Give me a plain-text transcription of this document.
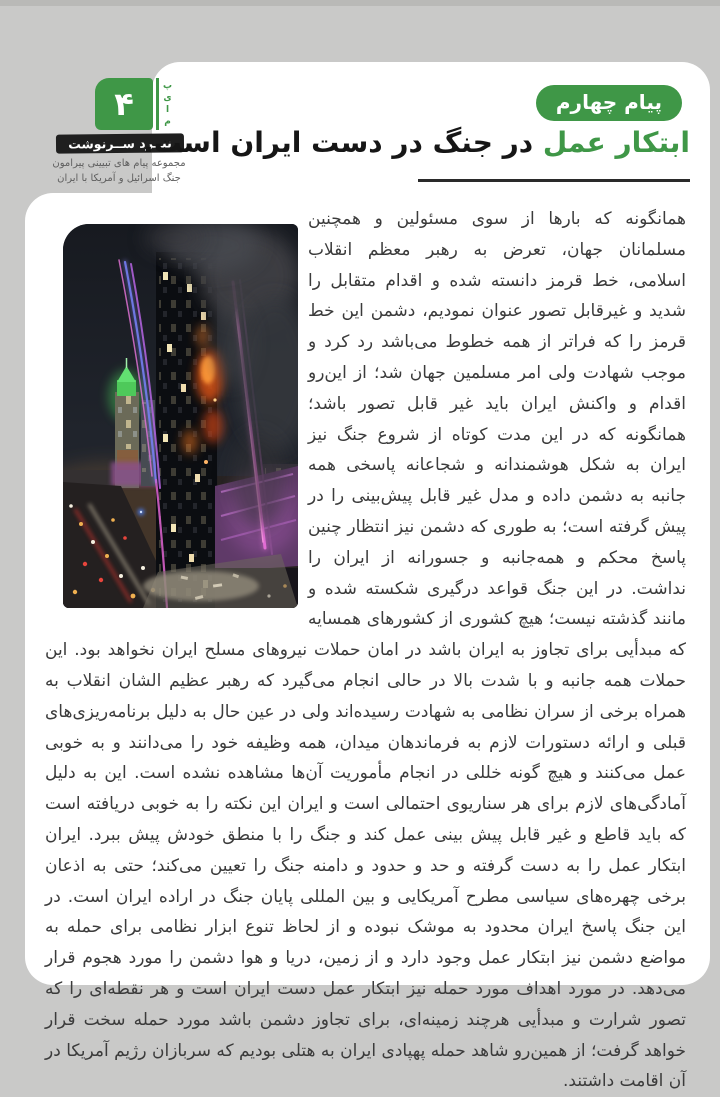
۴	پ
ی
ا
م
نبــرد ســرنوشت
مجموعه پیام های تبیینی پیرامون
جنگ اسرائیل و آمریکا با ایران
پیام چهارم
ابتکار عمل در جنگ در دست ایران است.

همانگونه که بارها از سوی مسئولین و همچنین مسلمانان جهان، تعرض به رهبر معظم انقلاب اسلامی، خط قرمز دانسته شده و اقدام متقابل را شدید و غیرقابل تصور عنوان نمودیم، دشمن این خط قرمز را که فراتر از همه خطوط می‌باشد رد کرد و موجب شهادت ولی امر مسلمین جهان شد؛ از این‌رو اقدام و واکنش ایران باید غیر قابل تصور باشد؛ همانگونه که در این مدت کوتاه از شروع جنگ نیز ایران به شکل هوشمندانه و شجاعانه پاسخی همه جانبه به دشمن داده و مدل غیر قابل پیش‌بینی را در پیش گرفته است؛ به طوری که دشمن نیز انتظار چنین پاسخ محکم و همه‌جانبه و جسورانه از ایران را نداشت. در این جنگ قواعد درگیری شکسته شده و مانند گذشته نیست؛ هیچ کشوری از کشورهای همسایه که مبدأیی برای تجاوز به ایران باشد در امان حملات نیروهای مسلح ایران نخواهد بود. این حملات همه جانبه و با شدت بالا در حالی انجام می‌گیرد که رهبر عظیم الشان انقلاب به همراه برخی از سران نظامی به شهادت رسیده‌اند ولی در عین حال به دلیل برنامه‌ریزی‌های قبلی و ارائه دستورات لازم به فرماندهان میدان، همه وظیفه خود را می‌دانند و به خوبی عمل می‌کنند و هیچ گونه خللی در انجام مأموریت آن‌ها مشاهده نشده است. این به دلیل آمادگی‌های لازم برای هر سناریوی احتمالی است و ایران این نکته را به خوبی دریافته است که باید قاطع و غیر قابل پیش بینی عمل کند و جنگ را با منطق خودش پیش ببرد. ایران ابتکار عمل را به دست گرفته و حد و حدود و دامنه جنگ را تعیین می‌کند؛ حتی به اذعان برخی چهره‌های سیاسی مطرح آمریکایی و بین المللی پایان جنگ در اراده ایران است. در این جنگ پاسخ ایران محدود به موشک نبوده و از لحاظ تنوع ابزار نظامی برای حمله به مواضع دشمن نیز ابتکار عمل وجود دارد و از زمین، دریا و هوا دشمن را مورد هجوم قرار می‌دهد. در مورد اهداف مورد حمله نیز ابتکار عمل دست ایران است و هر نقطه‌ای را که تصور شرارت و مبدأیی هرچند زمینه‌ای، برای تجاوز دشمن باشد مورد حمله سخت قرار خواهد گرفت؛ از همین‌رو شاهد حمله پهپادی ایران به هتلی بودیم که سربازان رژیم آمریکا در آن اقامت داشتند.
